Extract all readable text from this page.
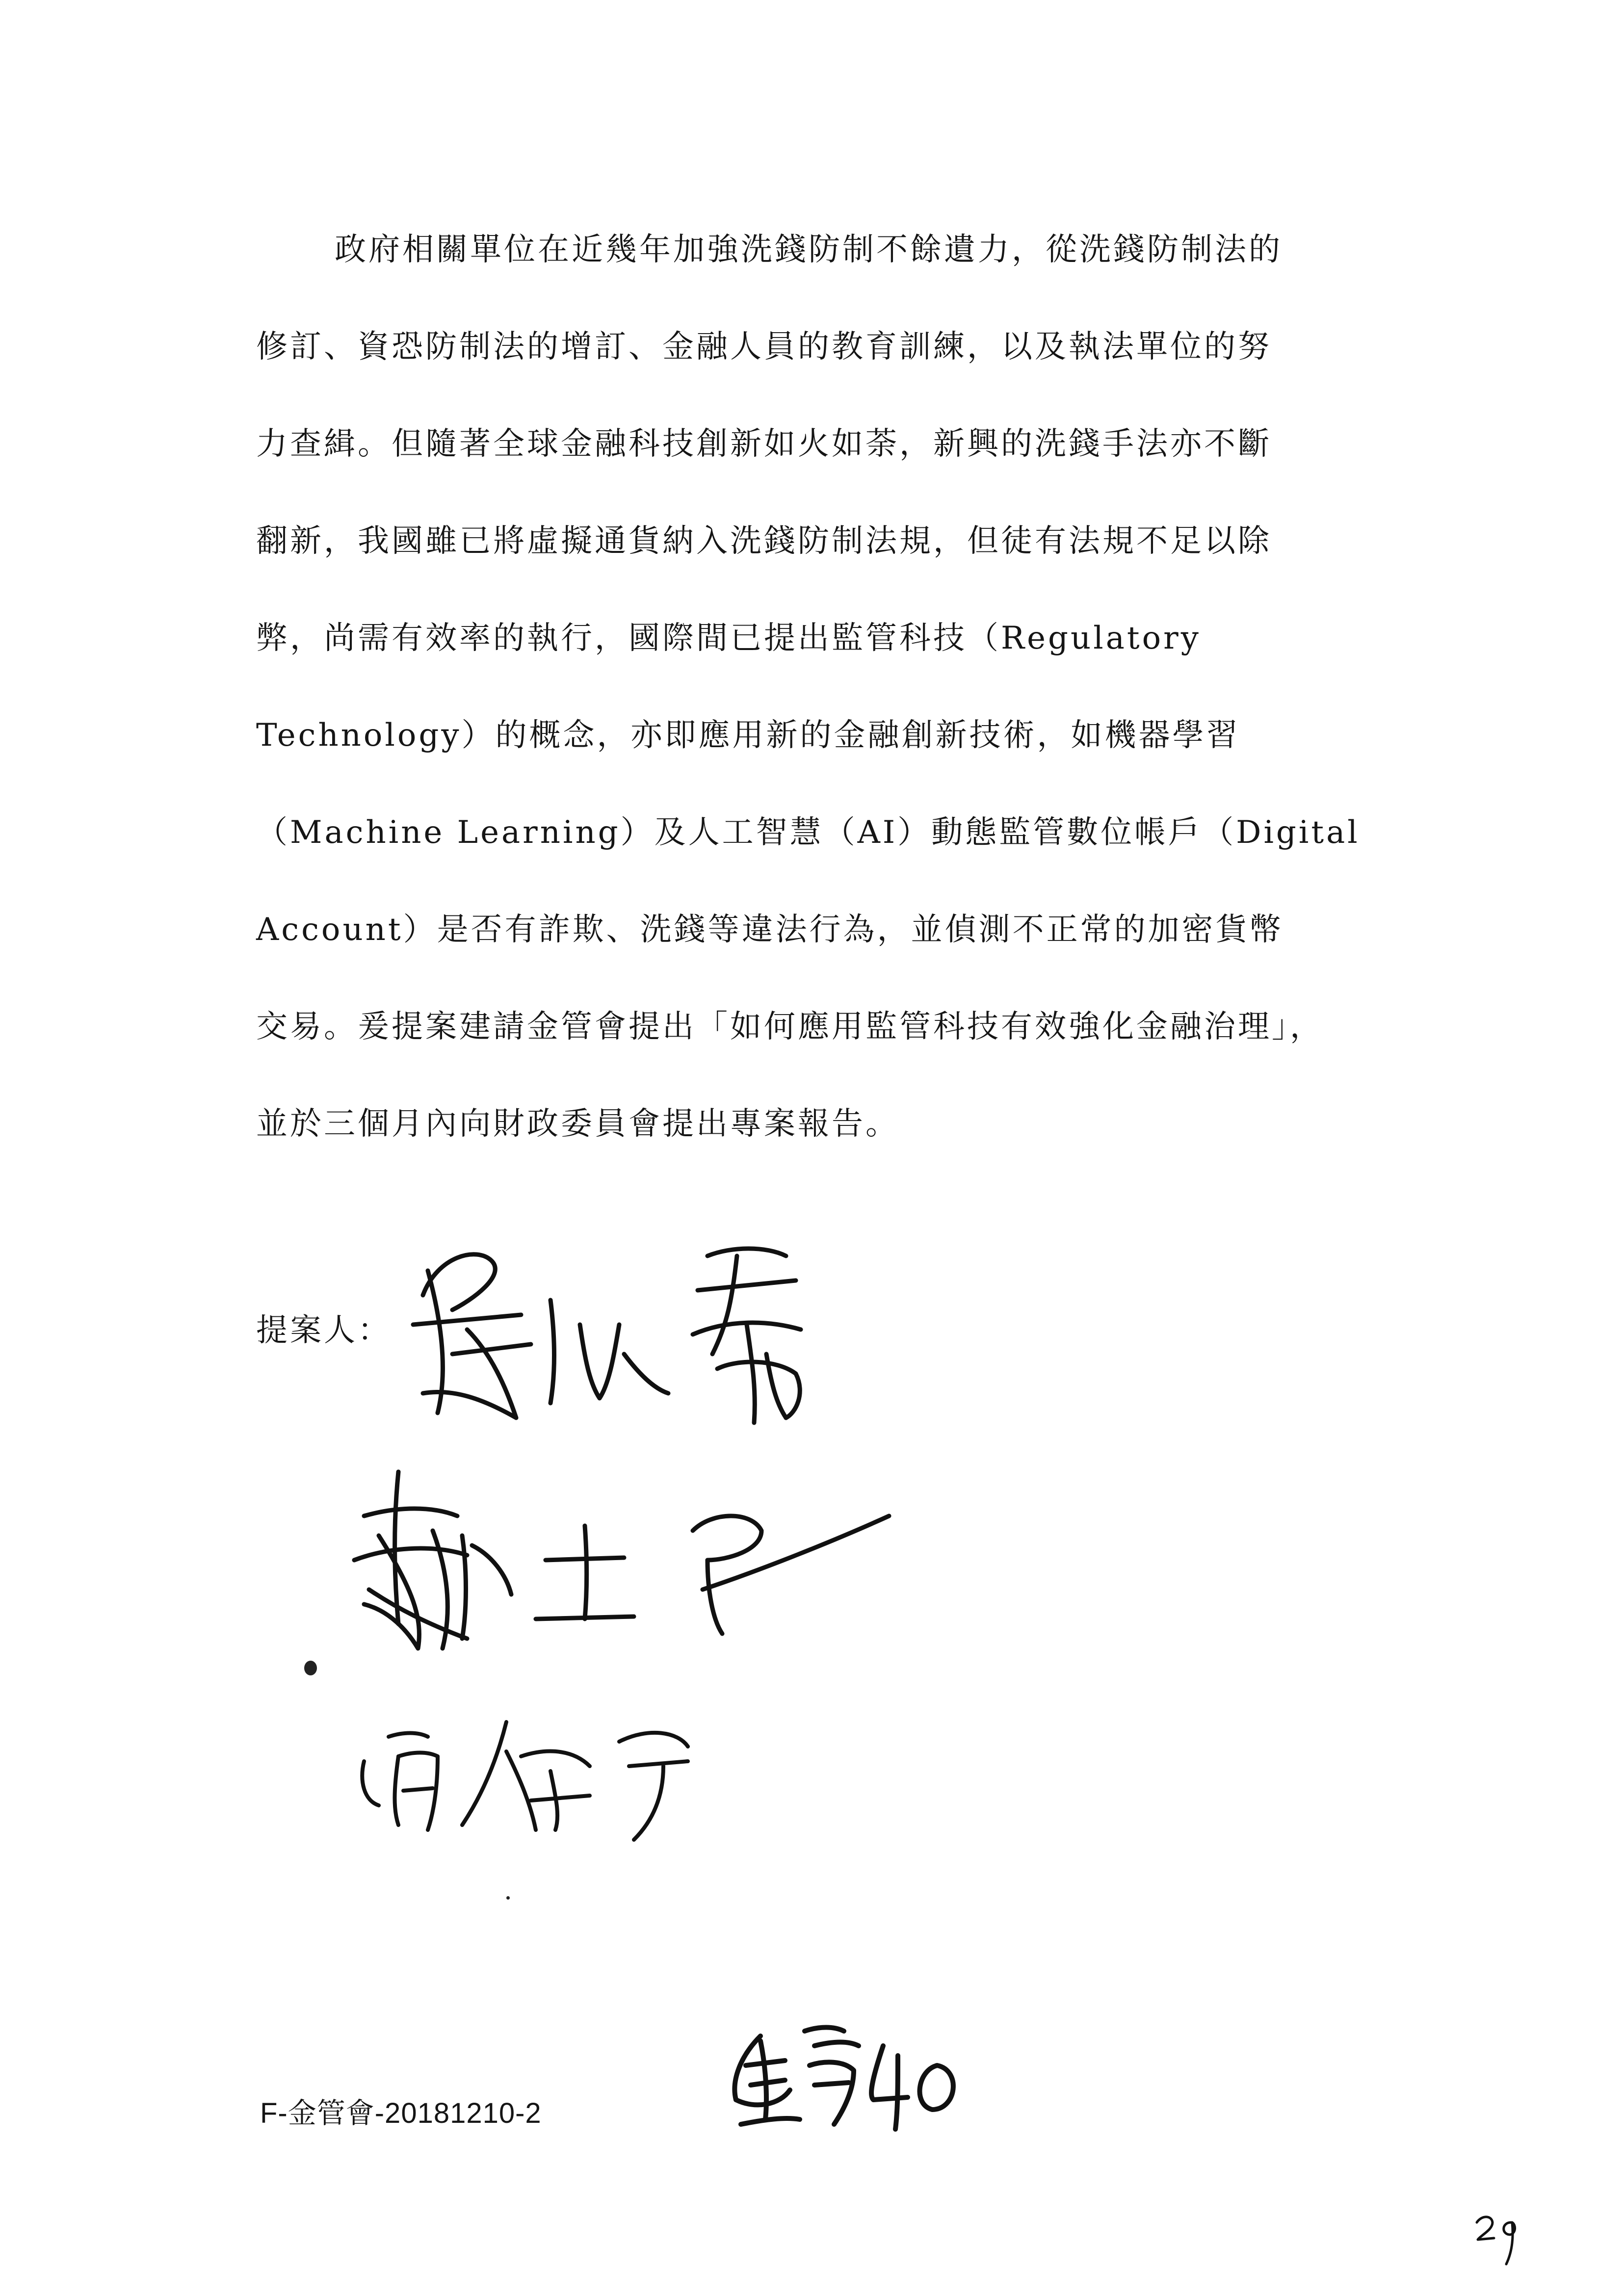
政府相關單位在近幾年加強洗錢防制不餘遺力，從洗錢防制法的
修訂、資恐防制法的增訂、金融人員的教育訓練，以及執法單位的努
力查緝。但隨著全球金融科技創新如火如荼，新興的洗錢手法亦不斷
翻新，我國雖已將虛擬通貨納入洗錢防制法規，但徒有法規不足以除
弊，尚需有效率的執行，國際間已提出監管科技（Regulatory
Technology）的概念，亦即應用新的金融創新技術，如機器學習
（Machine Learning）及人工智慧（AI）動態監管數位帳戶（Digital
Account）是否有詐欺、洗錢等違法行為，並偵測不正常的加密貨幣
交易。爰提案建請金管會提出「如何應用監管科技有效強化金融治理」，
並於三個月內向財政委員會提出專案報告。
提案人：
F-金管會-20181210-2
